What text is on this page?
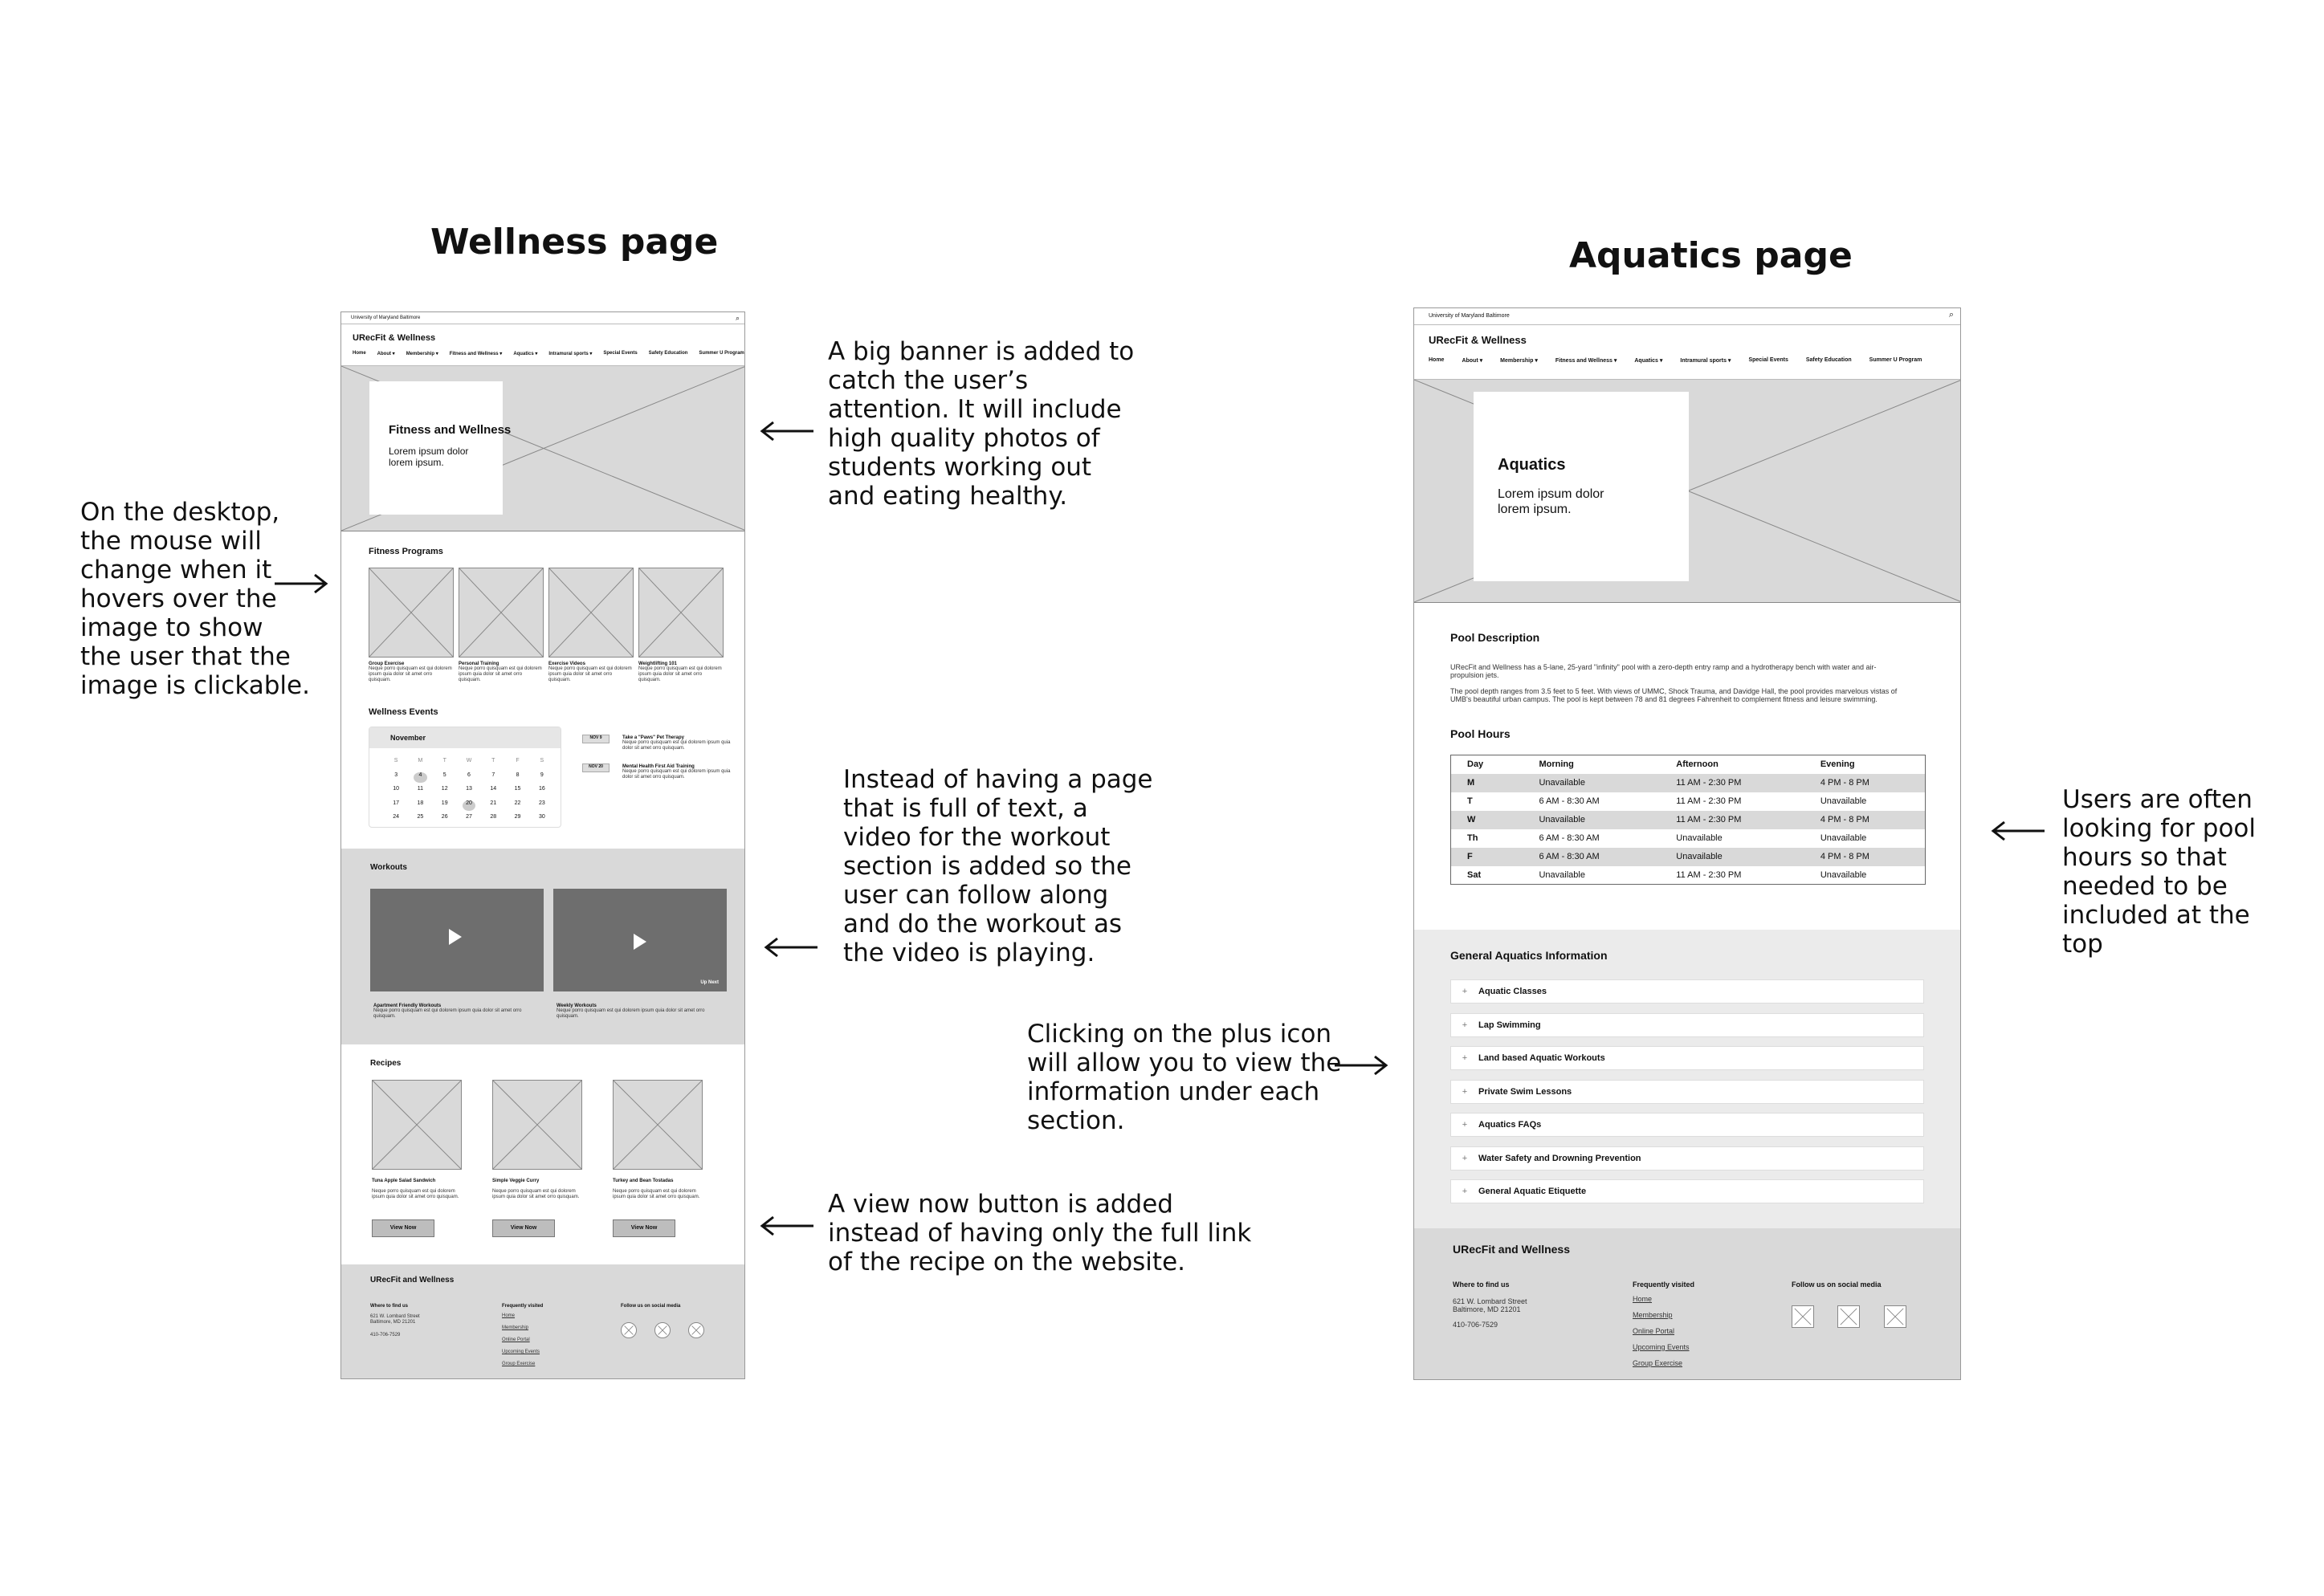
Wellness page	Aquatics page
On the desktop,
the mouse will
change when it
hovers over the
image to show
the user that the
image is clickable.
A big banner is added to
catch the user’s
attention. It will include
high quality photos of
students working out
and eating healthy.
Instead of having a page
that is full of text, a
video for the workout
section is added so the
user can follow along
and do the workout as
the video is playing.
Clicking on the plus icon
will allow you to view the
information under each
section.
A view now button is added
instead of having only the full link
of the recipe on the website.
Users are often
looking for pool
hours so that
needed to be
included at the
top
University of Maryland Baltimore	⌕
URecFit & Wellness
Home About ▾ Membership ▾ Fitness and Wellness ▾ Aquatics ▾ Intramural sports ▾ Special Events Safety Education Summer U Program
Fitness and Wellness
Lorem ipsum dolor
lorem ipsum.
Fitness Programs
Group Exercise
Neque porro quisquam est qui dolorem ipsum quia dolor sit amet orro quisquam.
Personal Training
Neque porro quisquam est qui dolorem ipsum quia dolor sit amet orro quisquam.
Exercise Videos
Neque porro quisquam est qui dolorem ipsum quia dolor sit amet orro quisquam.
Weightlifting 101
Neque porro quisquam est qui dolorem ipsum quia dolor sit amet orro quisquam.
Wellness Events
November
S	M	T	W	T	F	S
3	4	5	6	7	8	9
10	11	12	13	14	15	16
17	18	19	20	21	22	23
24	25	26	27	28	29	30
NOV 9	Take a "Paws" Pet Therapy
Neque porro quisquam est qui dolorem ipsum quia dolor sit amet orro quisquam.
NOV 20	Mental Health First Aid Training
Neque porro quisquam est qui dolorem ipsum quia dolor sit amet orro quisquam.
Workouts
Up Next
Apartment Friendly Workouts
Neque porro quisquam est qui dolorem ipsum quia dolor sit amet orro quisquam.
Weekly Workouts
Neque porro quisquam est qui dolorem ipsum quia dolor sit amet orro quisquam.
Recipes
Tuna Apple Salad Sandwich
Neque porro quisquam est qui dolorem ipsum quia dolor sit amet orro quisquam.
Simple Veggie Curry
Neque porro quisquam est qui dolorem ipsum quia dolor sit amet orro quisquam.
Turkey and Bean Tostadas
Neque porro quisquam est qui dolorem ipsum quia dolor sit amet orro quisquam.
View Now	View Now	View Now
URecFit and Wellness
Where to find us
621 W. Lombard Street
Baltimore, MD 21201
410-706-7529
Frequently visited
Home
Membership
Online Portal
Upcoming Events
Group Exercise
Follow us on social media
University of Maryland Baltimore	⌕
URecFit & Wellness
Home	About ▾	Membership ▾	Fitness and Wellness ▾	Aquatics ▾	Intramural sports ▾	Special Events	Safety Education	Summer U Program
Aquatics
Lorem ipsum dolor
lorem ipsum.
Pool Description
URecFit and Wellness has a 5-lane, 25-yard "infinity" pool with a zero-depth entry ramp and a hydrotherapy bench with water and air-propulsion jets.
The pool depth ranges from 3.5 feet to 5 feet. With views of UMMC, Shock Trauma, and Davidge Hall, the pool provides marvelous vistas of UMB's beautiful urban campus. The pool is kept between 78 and 81 degrees Fahrenheit to complement fitness and leisure swimming.
Pool Hours
Day	Morning	Afternoon	Evening
M	Unavailable	11 AM - 2:30 PM	4 PM - 8 PM
T	6 AM - 8:30 AM	11 AM - 2:30 PM	Unavailable
W	Unavailable	11 AM - 2:30 PM	4 PM - 8 PM
Th	6 AM - 8:30 AM	Unavailable	Unavailable
F	6 AM - 8:30 AM	Unavailable	4 PM - 8 PM
Sat	Unavailable	11 AM - 2:30 PM	Unavailable
General Aquatics Information
+	Aquatic Classes
+	Lap Swimming
+	Land based Aquatic Workouts
+	Private Swim Lessons
+	Aquatics FAQs
+	Water Safety and Drowning Prevention
+	General Aquatic Etiquette
URecFit and Wellness
Where to find us
621 W. Lombard Street
Baltimore, MD 21201
410-706-7529
Frequently visited
Home
Membership
Online Portal
Upcoming Events
Group Exercise
Follow us on social media
